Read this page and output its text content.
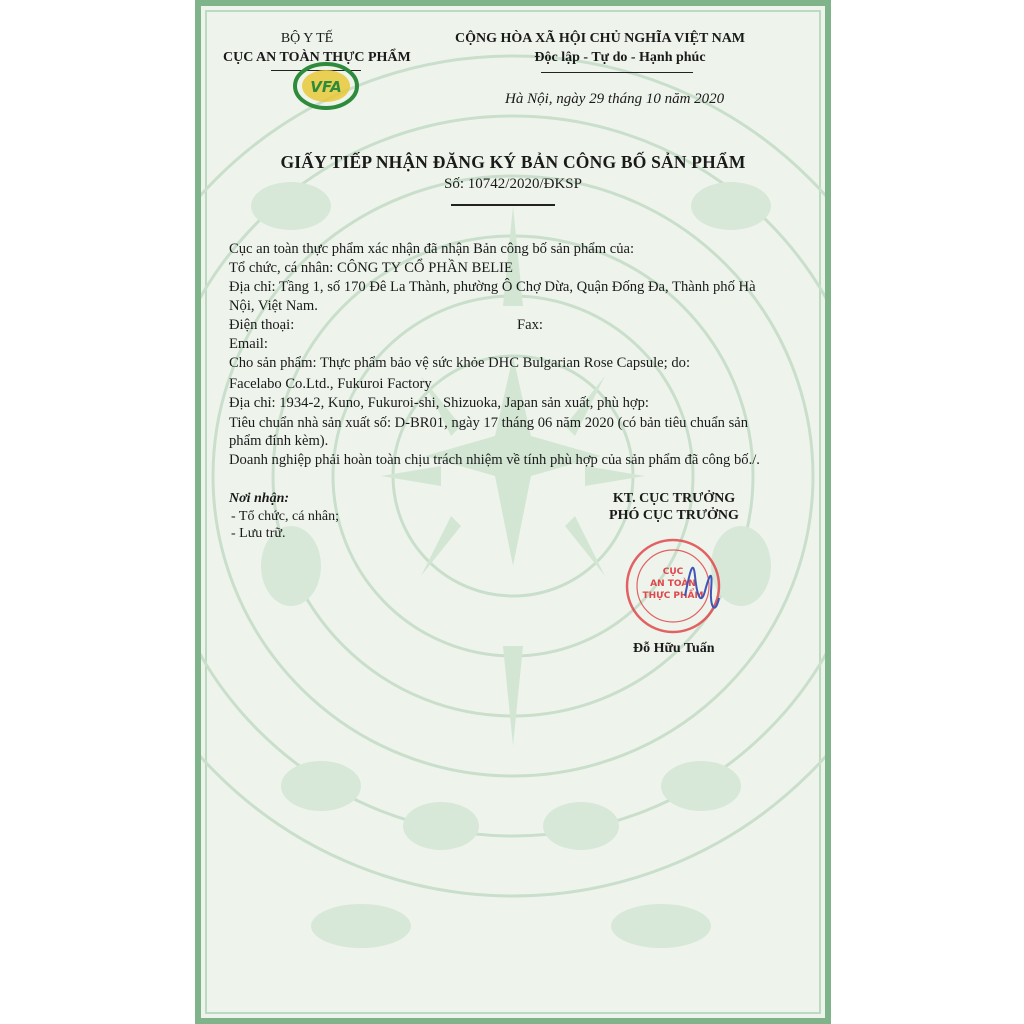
BỘ Y TẾ
CỤC AN TOÀN THỰC PHẨM
VFA
CỘNG HÒA XÃ HỘI CHỦ NGHĨA VIỆT NAM
Độc lập - Tự do - Hạnh phúc
Hà Nội, ngày 29 tháng 10 năm 2020
GIẤY TIẾP NHẬN ĐĂNG KÝ BẢN CÔNG BỐ SẢN PHẨM
Số: 10742/2020/ĐKSP
Cục an toàn thực phẩm xác nhận đã nhận Bản công bố sản phẩm của:
Tổ chức, cá nhân: CÔNG TY CỔ PHẦN BELIE
Địa chỉ: Tầng 1, số 170 Đê La Thành, phường Ô Chợ Dừa, Quận Đống Đa, Thành phố Hà
Nội, Việt Nam.
Điện thoại:	Fax:
Email:
Cho sản phẩm: Thực phẩm bảo vệ sức khỏe DHC Bulgarian Rose Capsule; do:
Facelabo Co.Ltd., Fukuroi Factory
Địa chỉ: 1934-2, Kuno, Fukuroi-shi, Shizuoka, Japan sản xuất, phù hợp:
Tiêu chuẩn nhà sản xuất số: D-BR01, ngày 17 tháng 06 năm 2020 (có bản tiêu chuẩn sản
phẩm đính kèm).
Doanh nghiệp phải hoàn toàn chịu trách nhiệm về tính phù hợp của sản phẩm đã công bố./.
Nơi nhận:
- Tổ chức, cá nhân;
- Lưu trữ.
KT. CỤC TRƯỞNG
PHÓ CỤC TRƯỞNG
CỤC
AN TOÀN
THỰC PHẨM
Đỗ Hữu Tuấn
